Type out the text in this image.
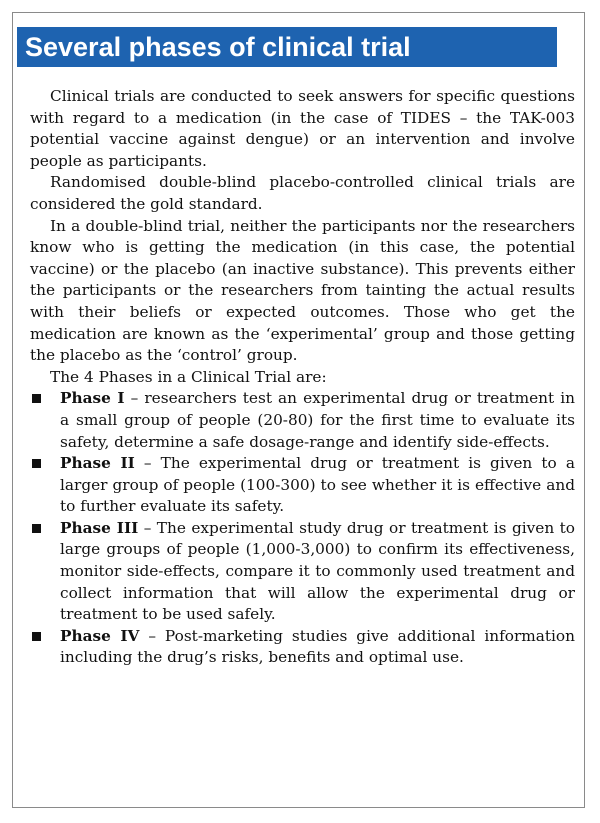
Several phases of clinical trial

Clinical trials are conducted to seek answers for specific questions with regard to a medication (in the case of TIDES – the TAK-003 potential vaccine against dengue) or an intervention and involve people as participants.

Randomised double-blind placebo-controlled clinical trials are considered the gold standard.

In a double-blind trial, neither the participants nor the researchers know who is getting the medication (in this case, the potential vaccine) or the placebo (an inactive substance). This prevents either the participants or the researchers from tainting the actual results with their beliefs or expected outcomes. Those who get the medication are known as the ‘experimental’ group and those getting the placebo as the ‘control’ group.

The 4 Phases in a Clinical Trial are:

Phase I – researchers test an experimental drug or treatment in a small group of people (20-80) for the first time to evaluate its safety, determine a safe dosage-range and identify side-effects.
Phase II – The experimental drug or treatment is given to a larger group of people (100-300) to see whether it is effective and to further evaluate its safety.
Phase III – The experimental study drug or treatment is given to large groups of people (1,000-3,000) to confirm its effectiveness, monitor side-effects, compare it to commonly used treatment and collect information that will allow the experimental drug or treatment to be used safely.
Phase IV – Post-marketing studies give additional information including the drug’s risks, benefits and optimal use.
